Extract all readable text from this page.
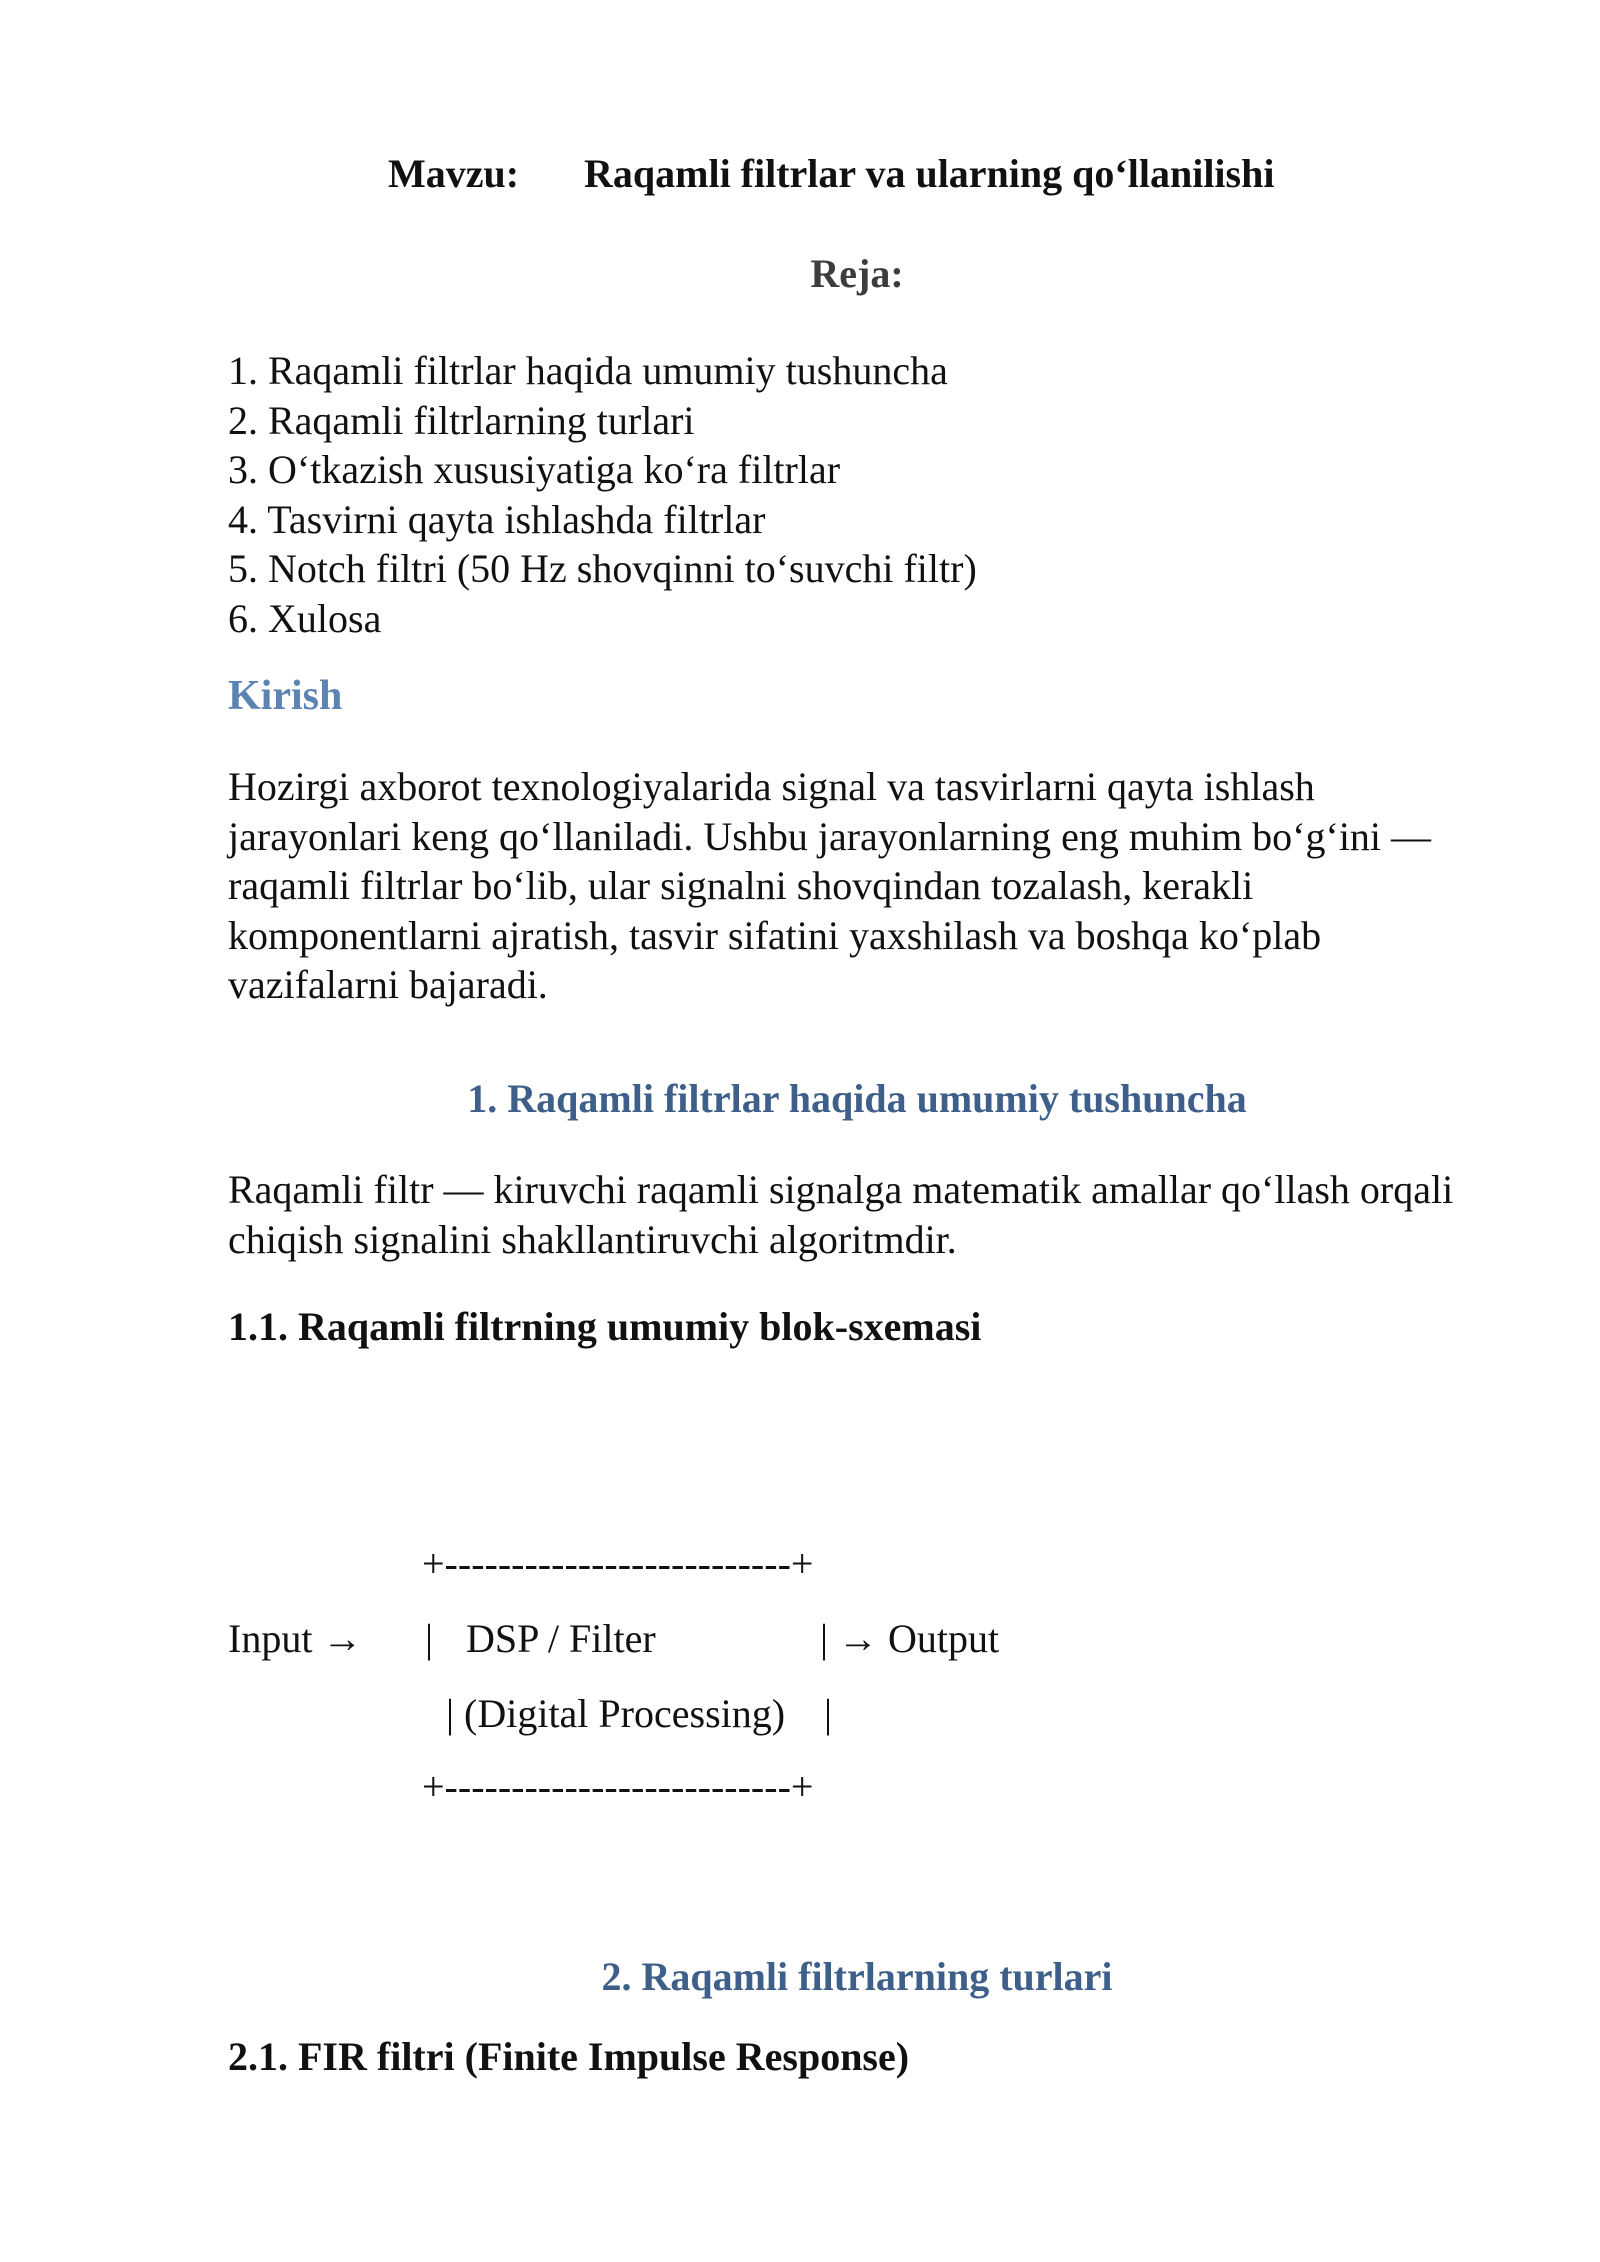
Mavzu: Raqamli filtrlar va ularning qo‘llanilishi
Reja:
1. Raqamli filtrlar haqida umumiy tushuncha
2. Raqamli filtrlarning turlari
3. O‘tkazish xususiyatiga ko‘ra filtrlar
4. Tasvirni qayta ishlashda filtrlar
5. Notch filtri (50 Hz shovqinni to‘suvchi filtr)
6. Xulosa
Kirish

Hozirgi axborot texnologiyalarida signal va tasvirlarni qayta ishlash jarayonlari keng qo‘llaniladi. Ushbu jarayonlarning eng muhim bo‘g‘ini — raqamli filtrlar bo‘lib, ular signalni shovqindan tozalash, kerakli komponentlarni ajratish, tasvir sifatini yaxshilash va boshqa ko‘plab vazifalarni bajaradi.

1. Raqamli filtrlar haqida umumiy tushuncha

Raqamli filtr — kiruvchi raqamli signalga matematik amallar qo‘llash orqali chiqish signalini shakllantiruvchi algoritmdir.

1.1. Raqamli filtrning umumiy blok-sxemasi
+--------------------------+
Input → | DSP / Filter	| → Output
| (Digital Processing) |
+--------------------------+
2. Raqamli filtrlarning turlari
2.1. FIR filtri (Finite Impulse Response)
